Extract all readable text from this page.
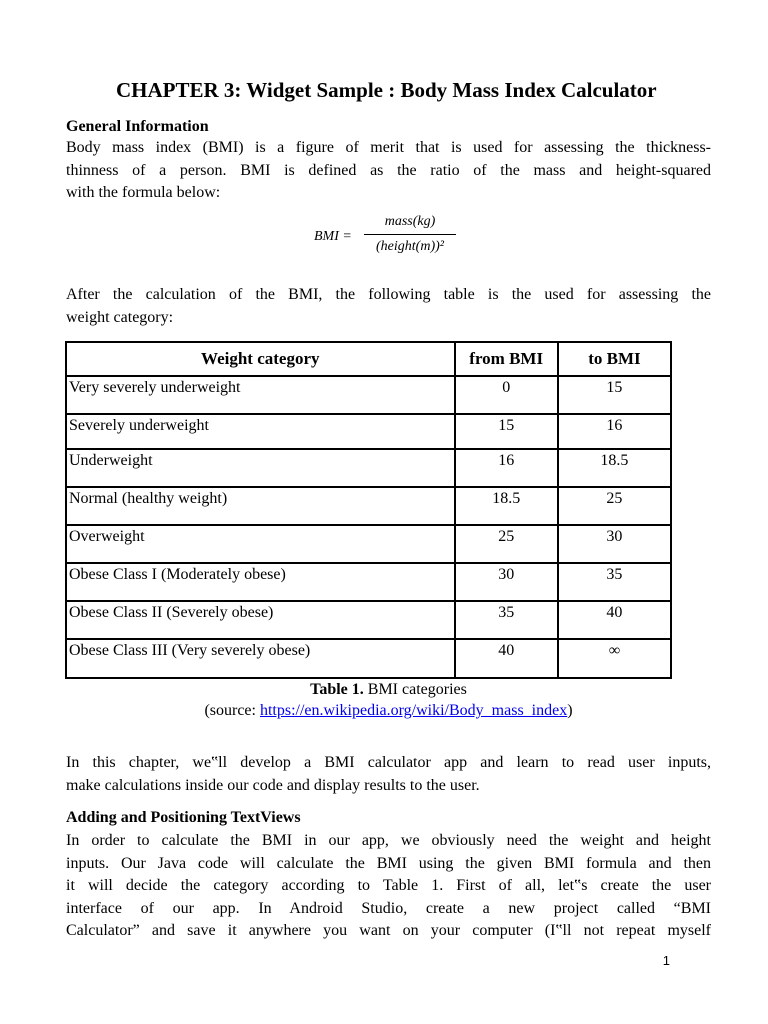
CHAPTER 3: Widget Sample : Body Mass Index Calculator

General Information

Body mass index (BMI) is a figure of merit that is used for assessing the thickness-
thinness of a person. BMI is defined as the ratio of the mass and height-squared
with the formula below:
BMI =
mass(kg)
(height(m))²
After the calculation of the BMI, the following table is the used for assessing the
weight category:
Weight category	from BMI	to BMI
Very severely underweight	0	15
Severely underweight	15	16
Underweight	16	18.5
Normal (healthy weight)	18.5	25
Overweight	25	30
Obese Class I (Moderately obese)	30	35
Obese Class II (Severely obese)	35	40
Obese Class III (Very severely obese)	40	∞

Table 1. BMI categories

(source: https://en.wikipedia.org/wiki/Body_mass_index)

In this chapter, we‟ll develop a BMI calculator app and learn to read user inputs,
make calculations inside our code and display results to the user.

Adding and Positioning TextViews

In order to calculate the BMI in our app, we obviously need the weight and height
inputs. Our Java code will calculate the BMI using the given BMI formula and then
it will decide the category according to Table 1. First of all, let‟s create the user
interface of our app. In Android Studio, create a new project called “BMI
Calculator” and save it anywhere you want on your computer (I‟ll not repeat myself
1
